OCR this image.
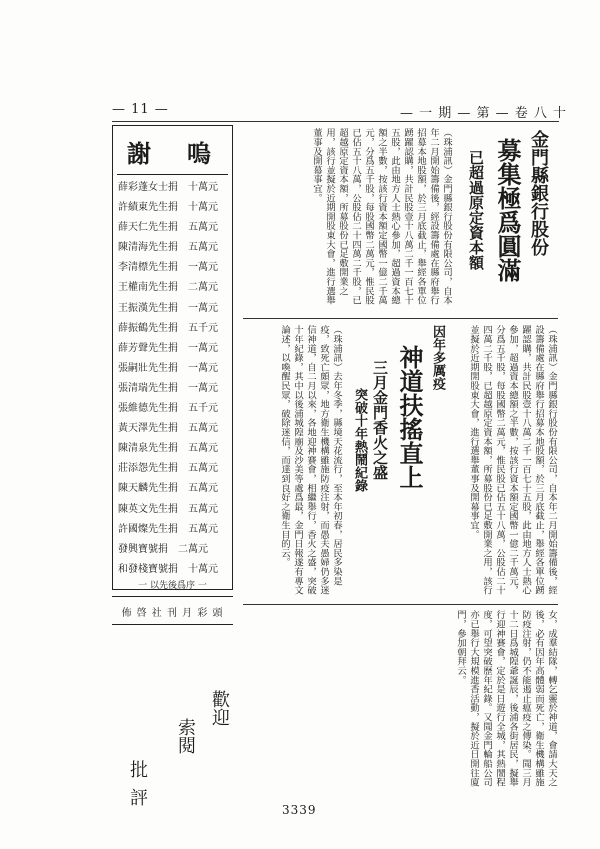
— 11 —	— 一 期 — 第 — 卷 八 十
嗚
謝
薛彩蓬女士捐　十萬元
許績東先生捐　十萬元
薛天仁先生捐　五萬元
陳清海先生捐　五萬元
李清標先生捐　一萬元
王權南先生捐　二萬元
王振漢先生捐　一萬元
薛振鶴先生捐　五千元
薛芳聲先生捐　一萬元
張嗣壯先生捐　一萬元
張清瑞先生捐　一萬元
張維德先生捐　五千元
黃天澤先生捐　五萬元
陳清泉先生捐　五萬元
莊添怨先生捐　五萬元
陳天麟先生捐　五萬元
陳英文先生捐　五萬元
許國燦先生捐　五萬元
發興寶號捐　二萬元
和發棧寶號捐　十萬元
一 以先後爲序 一
佈 啓 社 刊 月 彩 頭
歡迎
索閱
批評
金門縣銀行股份
募集極爲圓滿
已超過原定資本額
（珠浦訊）金門縣銀行股份有限公司，自本年二月開始籌備後，經設籌備處在縣府舉行招募本地股額，於三月底截止，舉經各單位踴躍認購，共計民股壹十八萬二千一百七十五股，此由地方人士熱心參加，超過資本總額之半數，按該行資本額定國幣一億二千萬元，分爲五千股，每股國幣二萬元，惟民股已佔五十八萬，公股佔二十四萬二千股，已超越原定資本額，所募股份已足敷開業之用，該行並擬於近期開股東大會，進行選舉董事及開幕事宜。
因年多厲疫
神道扶搖直上
三月金門香火之盛
突破十年熱鬧紀錄
（珠浦訊）去年冬季，縣境天花流行，至本年初春，居民多染是疫，致死亡頗眾，地方衛生機構雖施防疫注射，而愚夫愚婦仍多迷信神道，自二月以來，各地迎神賽會，相繼舉行，香火之盛，突破十年紀錄，其中以後浦城隍廟及沙美等處爲最，金門日報遂有專文論述，以喚醒民眾，破除迷信，而達到良好之衛生目的云。	（珠浦訊）金門縣銀行股份有限公司，自本年二月開始籌備後，經設籌備處在縣府舉行招募本地股額，於三月底截止，舉經各單位踴躍認購，共計民股壹十八萬二千一百七十五股，此由地方人士熱心參加，超過資本總額之半數，按該行資本額定國幣一億二千萬元，分爲五千股，每股國幣二萬元，惟民股已佔五十八萬，公股佔二十四萬二千股，已超越原定資本額，所募股份已足敷開業之用，該行並擬於近期開股東大會，進行選舉董事及開幕事宜。
女，成羣結隊，轉乞靈於神道，會請大天之後，必有因年高體弱而死亡，衛生機構雖施防疫注射，仍不能遏止瘟疫之傳染。聞三月十二日爲城隍爺誕辰，後浦各街居民，擬舉行迎神賽會，定於是日遊行全城，其熱鬧程度，可望突破歷年紀錄。又聞金門輪船公司亦已舉行大規模進香活動，擬於近日開往廈門，參加朝拜云。
3339
